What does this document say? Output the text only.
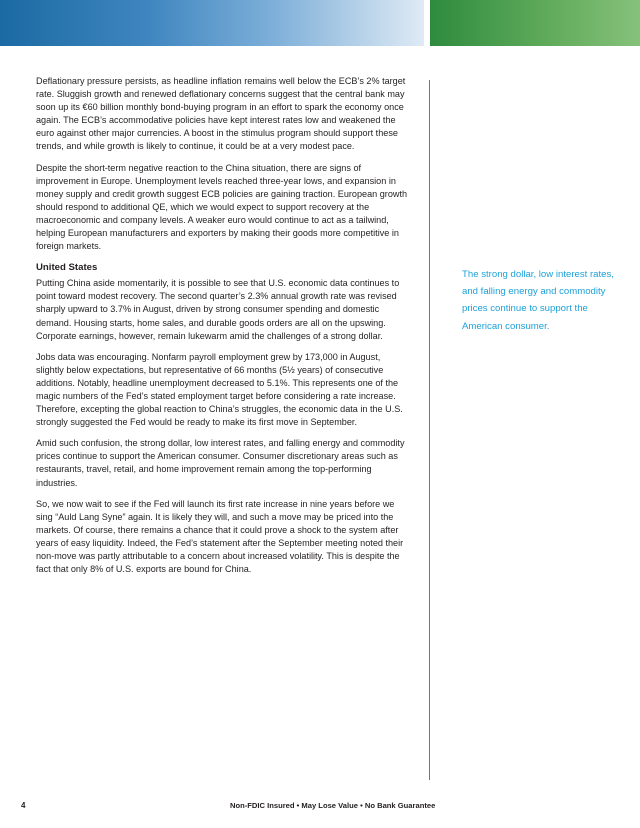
Deflationary pressure persists, as headline inflation remains well below the ECB’s 2% target rate. Sluggish growth and renewed deflationary concerns suggest that the central bank may soon up its €60 billion monthly bond-buying program in an effort to spark the economy once again. The ECB’s accommodative policies have kept interest rates low and weakened the euro against other major currencies. A boost in the stimulus program should support these trends, and while growth is likely to continue, it could be at a very modest pace.

Despite the short-term negative reaction to the China situation, there are signs of improvement in Europe. Unemployment levels reached three-year lows, and expansion in money supply and credit growth suggest ECB policies are gaining traction. European growth should respond to additional QE, which we would expect to support recovery at the macroeconomic and company levels. A weaker euro would continue to act as a tailwind, helping European manufacturers and exporters by making their goods more competitive in foreign markets.

United States

Putting China aside momentarily, it is possible to see that U.S. economic data continues to point toward modest recovery. The second quarter’s 2.3% annual growth rate was revised sharply upward to 3.7% in August, driven by strong consumer spending and domestic demand. Housing starts, home sales, and durable goods orders are all on the upswing. Corporate earnings, however, remain lukewarm amid the challenges of a strong dollar.

Jobs data was encouraging. Nonfarm payroll employment grew by 173,000 in August, slightly below expectations, but representative of 66 months (5½ years) of consecutive additions. Notably, headline unemployment decreased to 5.1%. This represents one of the magic numbers of the Fed’s stated employment target before considering a rate increase. Therefore, excepting the global reaction to China’s struggles, the economic data in the U.S. strongly suggested the Fed would be ready to make its first move in September.

Amid such confusion, the strong dollar, low interest rates, and falling energy and commodity prices continue to support the American consumer. Consumer discretionary areas such as restaurants, travel, retail, and home improvement remain among the top-performing industries.

So, we now wait to see if the Fed will launch its first rate increase in nine years before we sing “Auld Lang Syne” again. It is likely they will, and such a move may be priced into the markets. Of course, there remains a chance that it could prove a shock to the system after years of easy liquidity. Indeed, the Fed’s statement after the September meeting noted their non-move was partly attributable to a concern about increased volatility. This is despite the fact that only 8% of U.S. exports are bound for China.

The strong dollar, low interest rates, and falling energy and commodity prices continue to support the American consumer.
4	Non-FDIC Insured • May Lose Value • No Bank Guarantee
